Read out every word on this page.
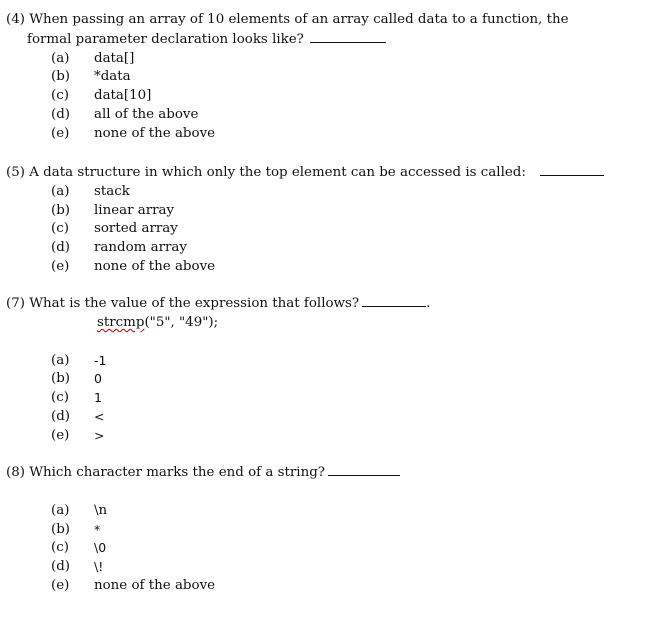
(4) When passing an array of 10 elements of an array called data to a function, the
formal parameter declaration looks like?
(a)	data[]
(b)	*data
(c)	data[10]
(d)	all of the above
(e)	none of the above
(5) A data structure in which only the top element can be accessed is called:
(a)	stack
(b)	linear array
(c)	sorted array
(d)	random array
(e)	none of the above
(7) What is the value of the expression that follows?	.
strcmp("5", "49");
(a)	-1
(b)	0
(c)	1
(d)	<
(e)	>
(8) Which character marks the end of a string?
(a)	\n
(b)	*
(c)	\0
(d)	\!
(e)	none of the above
